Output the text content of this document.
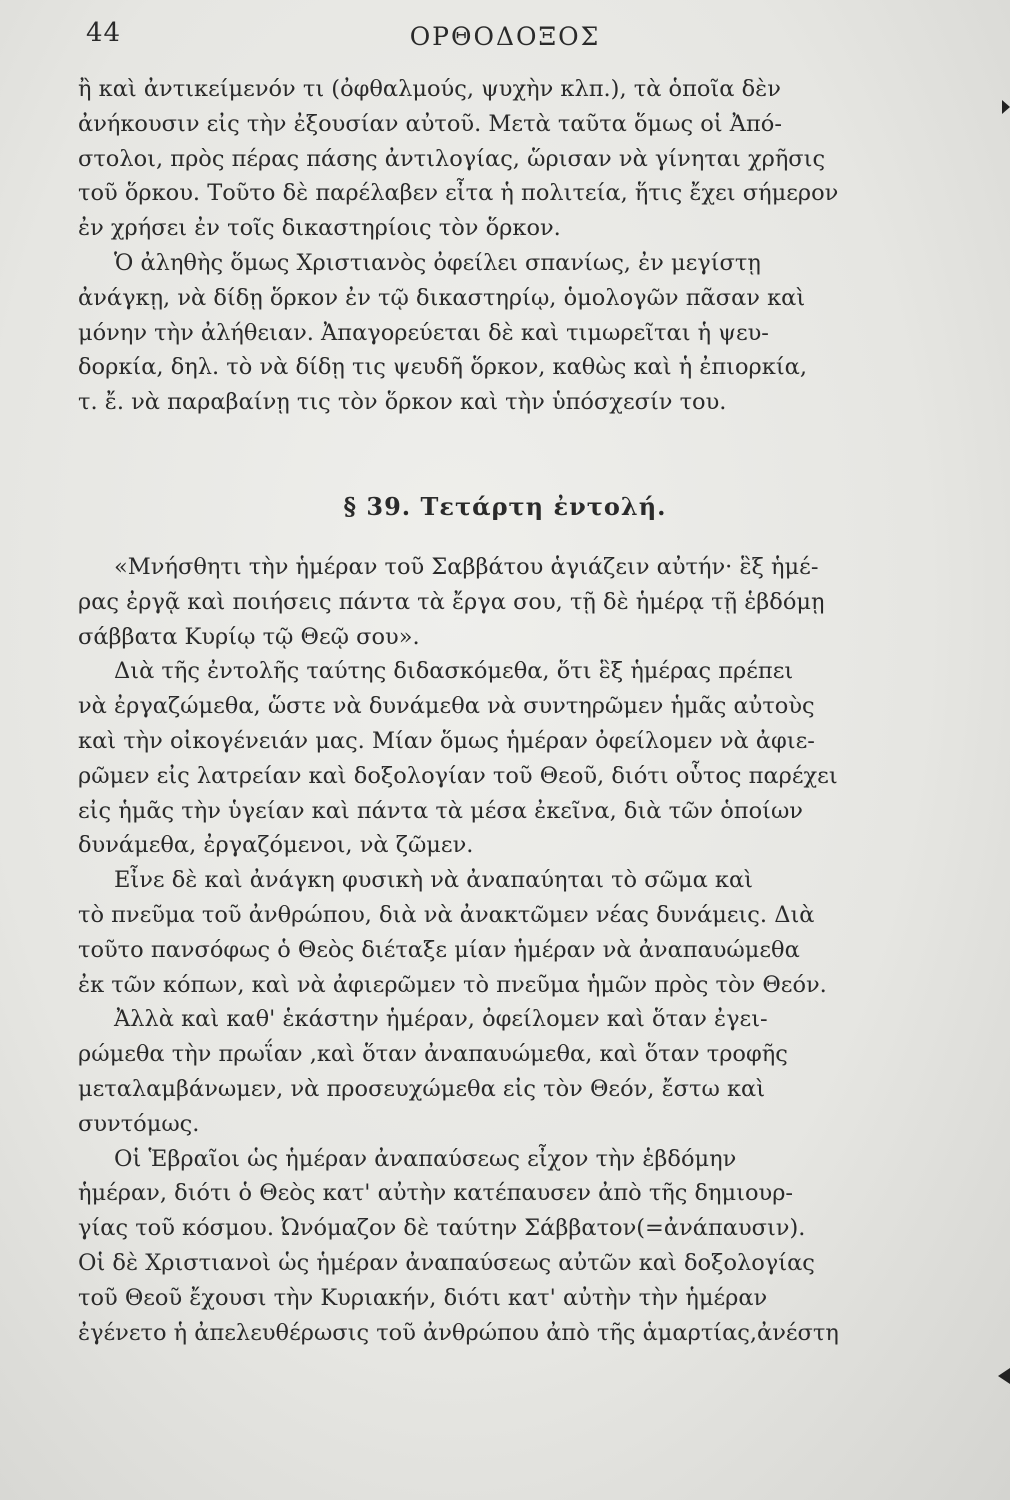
44	ΟΡΘΟΔΟΞΟΣ
ἢ καὶ ἀντικείμενόν τι (ὀφθαλμούς, ψυχὴν κλπ.), τὰ ὁποῖα δὲν
ἀνήκουσιν εἰς τὴν ἐξουσίαν αὐτοῦ. Μετὰ ταῦτα ὅμως οἱ Ἀπό-
στολοι, πρὸς πέρας πάσης ἀντιλογίας, ὥρισαν νὰ γίνηται χρῆσις
τοῦ ὅρκου. Τοῦτο δὲ παρέλαβεν εἶτα ἡ πολιτεία, ἥτις ἔχει σήμερον
ἐν χρήσει ἐν τοῖς δικαστηρίοις τὸν ὅρκον.
Ὁ ἀληθὴς ὅμως Χριστιανὸς ὀφείλει σπανίως, ἐν μεγίστῃ
ἀνάγκῃ, νὰ δίδῃ ὅρκον ἐν τῷ δικαστηρίῳ, ὁμολογῶν πᾶσαν καὶ
μόνην τὴν ἀλήθειαν. Ἀπαγορεύεται δὲ καὶ τιμωρεῖται ἡ ψευ-
δορκία, δηλ. τὸ νὰ δίδῃ τις ψευδῆ ὅρκον, καθὼς καὶ ἡ ἐπιορκία,
τ. ἔ. νὰ παραβαίνῃ τις τὸν ὅρκον καὶ τὴν ὑπόσχεσίν του.
§ 39. Τετάρτη ἐντολή.
«Μνήσθητι τὴν ἡμέραν τοῦ Σαββάτου ἁγιάζειν αὐτήν· ἓξ ἡμέ-
ρας ἐργᾷ καὶ ποιήσεις πάντα τὰ ἔργα σου, τῇ δὲ ἡμέρᾳ τῇ ἑβδόμῃ
σάββατα Κυρίῳ τῷ Θεῷ σου».
Διὰ τῆς ἐντολῆς ταύτης διδασκόμεθα, ὅτι ἓξ ἡμέρας πρέπει
νὰ ἐργαζώμεθα, ὥστε νὰ δυνάμεθα νὰ συντηρῶμεν ἡμᾶς αὐτοὺς
καὶ τὴν οἰκογένειάν μας. Μίαν ὅμως ἡμέραν ὀφείλομεν νὰ ἀφιε-
ρῶμεν εἰς λατρείαν καὶ δοξολογίαν τοῦ Θεοῦ, διότι οὗτος παρέχει
εἰς ἡμᾶς τὴν ὑγείαν καὶ πάντα τὰ μέσα ἐκεῖνα, διὰ τῶν ὁποίων
δυνάμεθα, ἐργαζόμενοι, νὰ ζῶμεν.
Εἶνε δὲ καὶ ἀνάγκη φυσικὴ νὰ ἀναπαύηται τὸ σῶμα καὶ
τὸ πνεῦμα τοῦ ἀνθρώπου, διὰ νὰ ἀνακτῶμεν νέας δυνάμεις. Διὰ
τοῦτο πανσόφως ὁ Θεὸς διέταξε μίαν ἡμέραν νὰ ἀναπαυώμεθα
ἐκ τῶν κόπων, καὶ νὰ ἀφιερῶμεν τὸ πνεῦμα ἡμῶν πρὸς τὸν Θεόν.
Ἀλλὰ καὶ καθ' ἑκάστην ἡμέραν, ὀφείλομεν καὶ ὅταν ἐγει-
ρώμεθα τὴν πρωΐαν ,καὶ ὅταν ἀναπαυώμεθα, καὶ ὅταν τροφῆς
μεταλαμβάνωμεν, νὰ προσευχώμεθα εἰς τὸν Θεόν, ἔστω καὶ
συντόμως.
Οἱ Ἑβραῖοι ὡς ἡμέραν ἀναπαύσεως εἶχον τὴν ἑβδόμην
ἡμέραν, διότι ὁ Θεὸς κατ' αὐτὴν κατέπαυσεν ἀπὸ τῆς δημιουρ-
γίας τοῦ κόσμου. Ὠνόμαζον δὲ ταύτην Σάββατον(=ἀνάπαυσιν).
Οἱ δὲ Χριστιανοὶ ὡς ἡμέραν ἀναπαύσεως αὐτῶν καὶ δοξολογίας
τοῦ Θεοῦ ἔχουσι τὴν Κυριακήν, διότι κατ' αὐτὴν τὴν ἡμέραν
ἐγένετο ἡ ἀπελευθέρωσις τοῦ ἀνθρώπου ἀπὸ τῆς ἁμαρτίας,ἀνέστη
